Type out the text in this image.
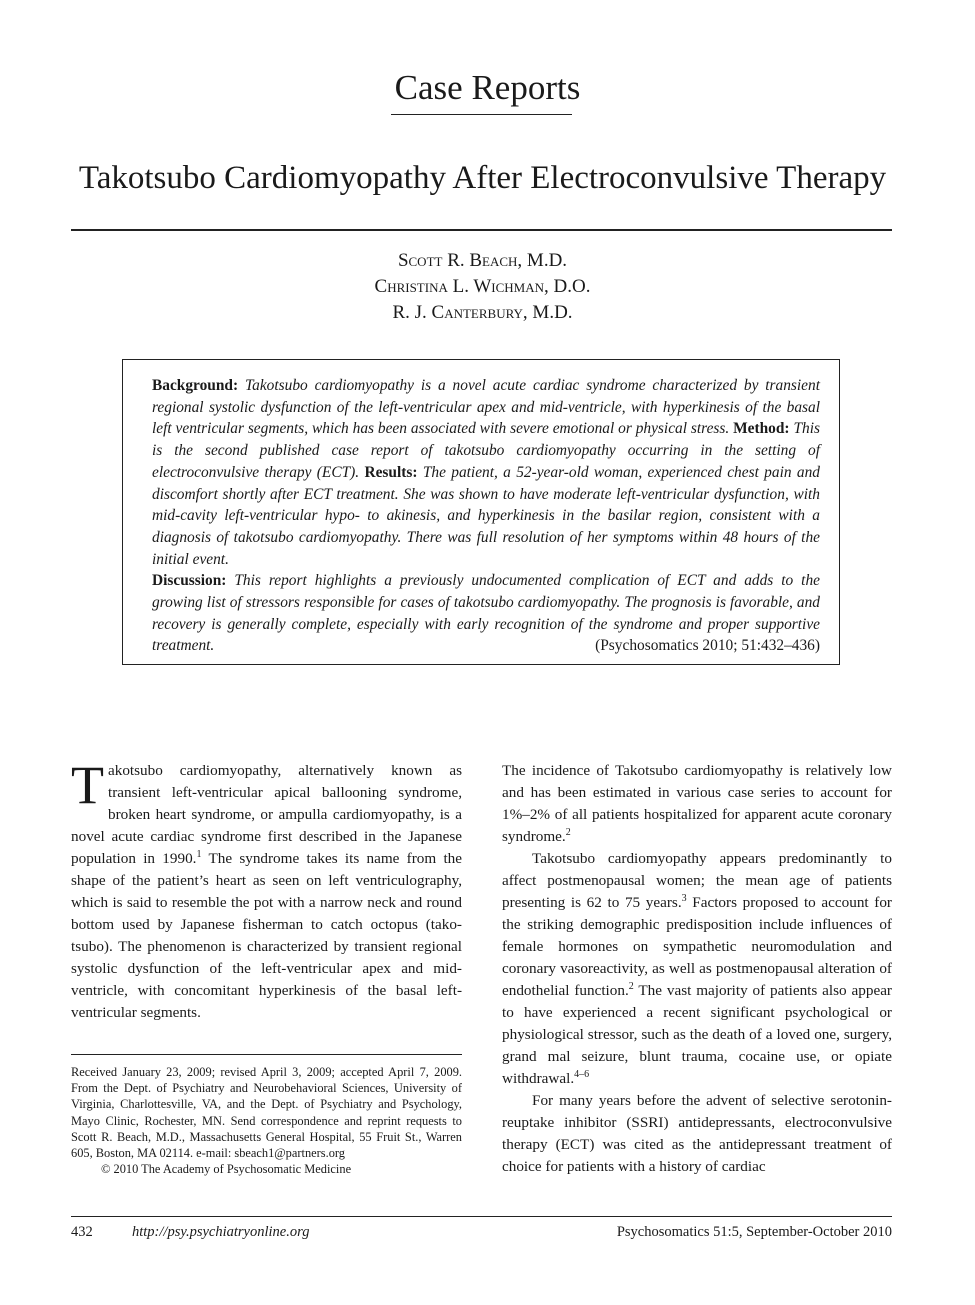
Case Reports
Takotsubo Cardiomyopathy After Electroconvulsive Therapy
Scott R. Beach, M.D.
Christina L. Wichman, D.O.
R. J. Canterbury, M.D.
Background: Takotsubo cardiomyopathy is a novel acute cardiac syndrome characterized by transient regional systolic dysfunction of the left-ventricular apex and mid-ventricle, with hyperkinesis of the basal left ventricular segments, which has been associated with severe emotional or physical stress. Method: This is the second published case report of takotsubo cardiomyopathy occurring in the setting of electroconvulsive therapy (ECT). Results: The patient, a 52-year-old woman, experienced chest pain and discomfort shortly after ECT treatment. She was shown to have moderate left-ventricular dysfunction, with mid-cavity left-ventricular hypo- to akinesis, and hyperkinesis in the basilar region, consistent with a diagnosis of takotsubo cardiomyopathy. There was full resolution of her symptoms within 48 hours of the initial event.
Discussion: This report highlights a previously undocumented complication of ECT and adds to the growing list of stressors responsible for cases of takotsubo cardiomyopathy. The prognosis is favorable, and recovery is generally complete, especially with early recognition of the syndrome and proper supportive treatment.	(Psychosomatics 2010; 51:432–436)

Takotsubo cardiomyopathy, alternatively known as transient left-ventricular apical ballooning syndrome, broken heart syndrome, or ampulla cardiomyopathy, is a novel acute cardiac syndrome first described in the Japanese population in 1990.$^1$ The syndrome takes its name from the shape of the patient’s heart as seen on left ventriculography, which is said to resemble the pot with a narrow neck and round bottom used by Japanese fisherman to catch octopus (tako-tsubo). The phenomenon is characterized by transient regional systolic dysfunction of the left-ventricular apex and mid-ventricle, with concomitant hyperkinesis of the basal left-ventricular segments.

Received January 23, 2009; revised April 3, 2009; accepted April 7, 2009. From the Dept. of Psychiatry and Neurobehavioral Sciences, University of Virginia, Charlottesville, VA, and the Dept. of Psychiatry and Psychology, Mayo Clinic, Rochester, MN. Send correspondence and reprint requests to Scott R. Beach, M.D., Massachusetts General Hospital, 55 Fruit St., Warren 605, Boston, MA 02114. e-mail: sbeach1@partners.org

© 2010 The Academy of Psychosomatic Medicine

The incidence of Takotsubo cardiomyopathy is relatively low and has been estimated in various case series to account for 1%–2% of all patients hospitalized for apparent acute coronary syndrome.$^2$

Takotsubo cardiomyopathy appears predominantly to affect postmenopausal women; the mean age of patients presenting is 62 to 75 years.$^3$ Factors proposed to account for the striking demographic predisposition include influences of female hormones on sympathetic neuromodulation and coronary vasoreactivity, as well as postmenopausal alteration of endothelial function.$^2$ The vast majority of patients also appear to have experienced a recent significant psychological or physiological stressor, such as the death of a loved one, surgery, grand mal seizure, blunt trauma, cocaine use, or opiate withdrawal.$^{4-6}$

For many years before the advent of selective serotonin-reuptake inhibitor (SSRI) antidepressants, electroconvulsive therapy (ECT) was cited as the antidepressant treatment of choice for patients with a history of cardiac

432	http://psy.psychiatryonline.org	Psychosomatics 51:5, September-October 2010
